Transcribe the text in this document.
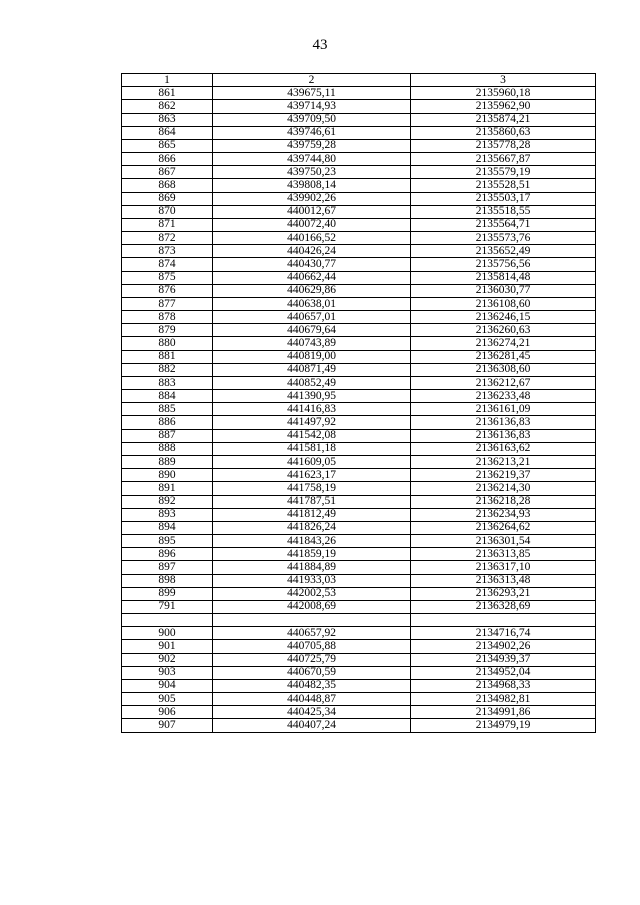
43
1	2	3
861	439675,11	2135960,18
862	439714,93	2135962,90
863	439709,50	2135874,21
864	439746,61	2135860,63
865	439759,28	2135778,28
866	439744,80	2135667,87
867	439750,23	2135579,19
868	439808,14	2135528,51
869	439902,26	2135503,17
870	440012,67	2135518,55
871	440072,40	2135564,71
872	440166,52	2135573,76
873	440426,24	2135652,49
874	440430,77	2135756,56
875	440662,44	2135814,48
876	440629,86	2136030,77
877	440638,01	2136108,60
878	440657,01	2136246,15
879	440679,64	2136260,63
880	440743,89	2136274,21
881	440819,00	2136281,45
882	440871,49	2136308,60
883	440852,49	2136212,67
884	441390,95	2136233,48
885	441416,83	2136161,09
886	441497,92	2136136,83
887	441542,08	2136136,83
888	441581,18	2136163,62
889	441609,05	2136213,21
890	441623,17	2136219,37
891	441758,19	2136214,30
892	441787,51	2136218,28
893	441812,49	2136234,93
894	441826,24	2136264,62
895	441843,26	2136301,54
896	441859,19	2136313,85
897	441884,89	2136317,10
898	441933,03	2136313,48
899	442002,53	2136293,21
791	442008,69	2136328,69

900	440657,92	2134716,74
901	440705,88	2134902,26
902	440725,79	2134939,37
903	440670,59	2134952,04
904	440482,35	2134968,33
905	440448,87	2134982,81
906	440425,34	2134991,86
907	440407,24	2134979,19
